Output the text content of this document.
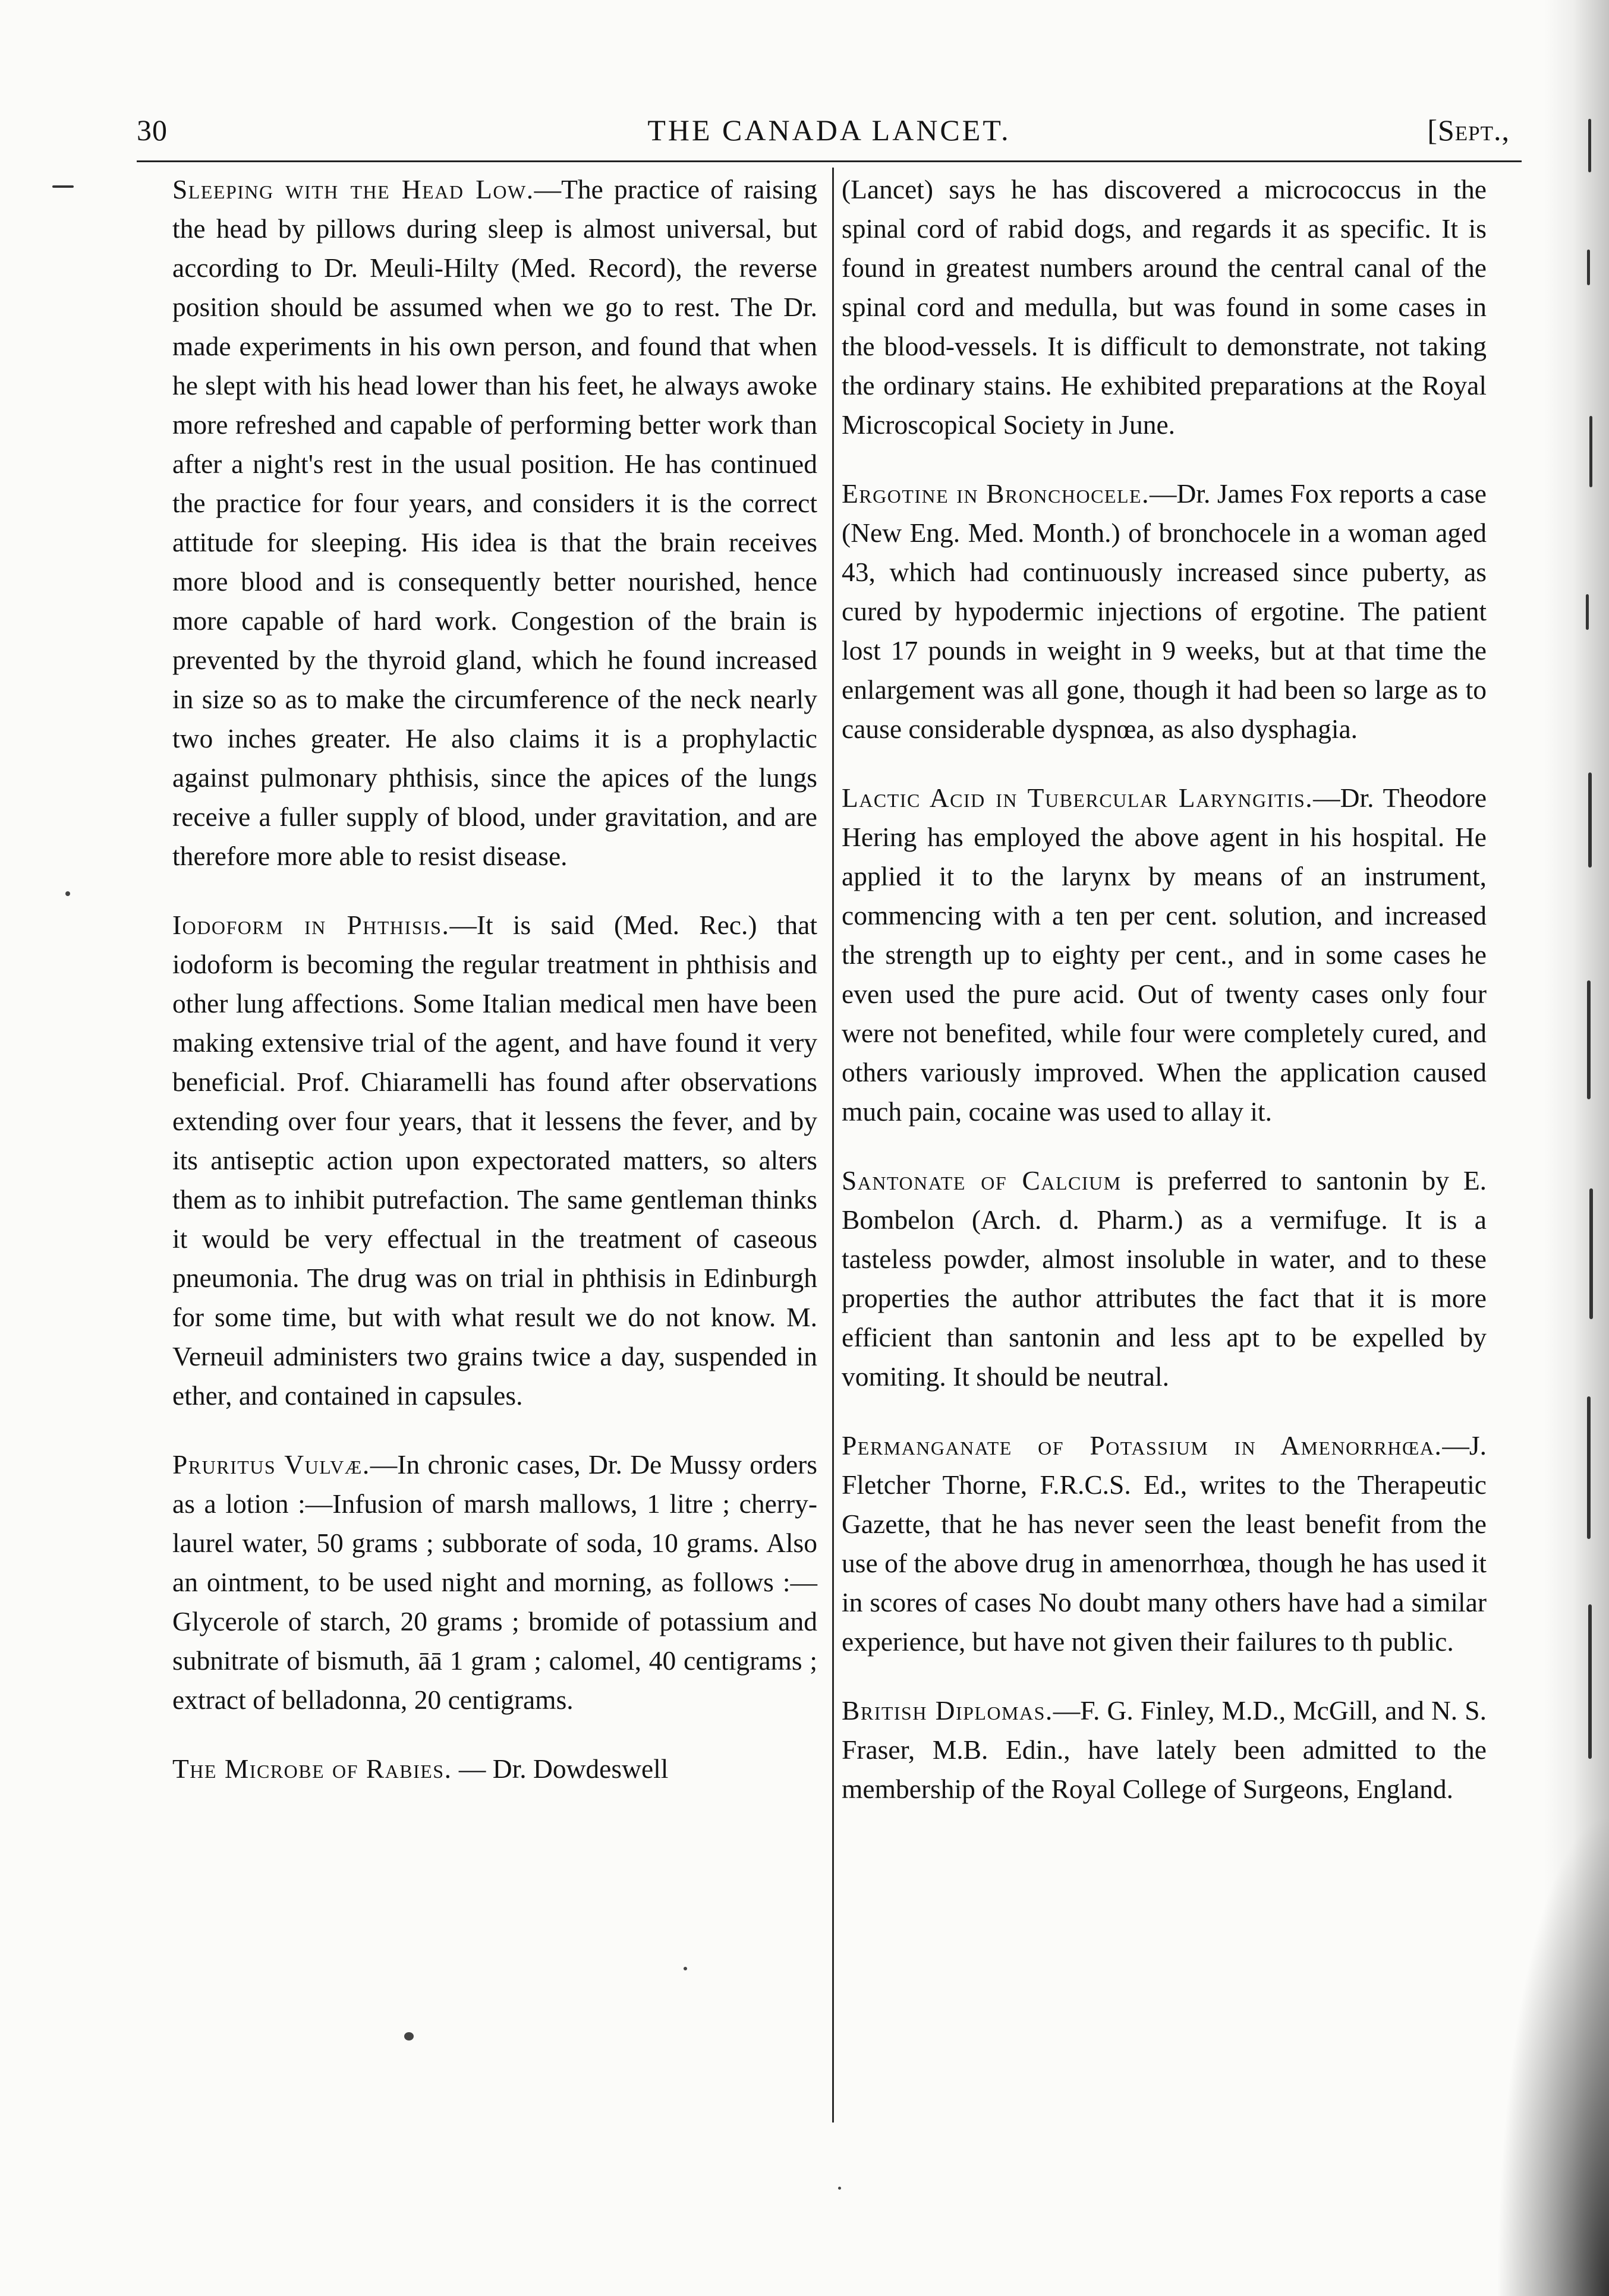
30	THE CANADA LANCET.	[Sept.,

Sleeping with the Head Low.—The practice of raising the head by pillows during sleep is almost universal, but according to Dr. Meuli-Hilty (Med. Record), the reverse position should be assumed when we go to rest. The Dr. made experiments in his own person, and found that when he slept with his head lower than his feet, he always awoke more refreshed and capable of performing better work than after a night's rest in the usual position. He has continued the practice for four years, and considers it is the correct attitude for sleeping. His idea is that the brain receives more blood and is consequently better nourished, hence more capable of hard work. Congestion of the brain is prevented by the thyroid gland, which he found increased in size so as to make the circumference of the neck nearly two inches greater. He also claims it is a prophylactic against pulmonary phthisis, since the apices of the lungs receive a fuller supply of blood, under gravitation, and are therefore more able to resist disease.

Iodoform in Phthisis.—It is said (Med. Rec.) that iodoform is becoming the regular treatment in phthisis and other lung affections. Some Italian medical men have been making extensive trial of the agent, and have found it very beneficial. Prof. Chiaramelli has found after observations extending over four years, that it lessens the fever, and by its antiseptic action upon expectorated matters, so alters them as to inhibit putrefaction. The same gentleman thinks it would be very effectual in the treatment of caseous pneumonia. The drug was on trial in phthisis in Edinburgh for some time, but with what result we do not know. M. Verneuil administers two grains twice a day, suspended in ether, and contained in capsules.

Pruritus Vulvæ.—In chronic cases, Dr. De Mussy orders as a lotion :—Infusion of marsh mallows, 1 litre ; cherry-laurel water, 50 grams ; subborate of soda, 10 grams. Also an ointment, to be used night and morning, as follows :—Glycerole of starch, 20 grams ; bromide of potassium and subnitrate of bismuth, āā 1 gram ; calomel, 40 centigrams ; extract of belladonna, 20 centigrams.

The Microbe of Rabies. — Dr. Dowdeswell

(Lancet) says he has discovered a micrococcus in the spinal cord of rabid dogs, and regards it as specific. It is found in greatest numbers around the central canal of the spinal cord and medulla, but was found in some cases in the blood-vessels. It is difficult to demonstrate, not taking the ordinary stains. He exhibited preparations at the Royal Microscopical Society in June.

Ergotine in Bronchocele.—Dr. James Fox reports a case (New Eng. Med. Month.) of bronchocele in a woman aged 43, which had continuously increased since puberty, as cured by hypodermic injections of ergotine. The patient lost 17 pounds in weight in 9 weeks, but at that time the enlargement was all gone, though it had been so large as to cause considerable dyspnœa, as also dysphagia.

Lactic Acid in Tubercular Laryngitis.—Dr. Theodore Hering has employed the above agent in his hospital. He applied it to the larynx by means of an instrument, commencing with a ten per cent. solution, and increased the strength up to eighty per cent., and in some cases he even used the pure acid. Out of twenty cases only four were not benefited, while four were completely cured, and others variously improved. When the application caused much pain, cocaine was used to allay it.

Santonate of Calcium is preferred to santonin by E. Bombelon (Arch. d. Pharm.) as a vermifuge. It is a tasteless powder, almost insoluble in water, and to these properties the author attributes the fact that it is more efficient than santonin and less apt to be expelled by vomiting. It should be neutral.

Permanganate of Potassium in Amenorrhœa.—J. Fletcher Thorne, F.R.C.S. Ed., writes to the Therapeutic Gazette, that he has never seen the least benefit from the use of the above drug in amenorrhœa, though he has used it in scores of cases No doubt many others have had a similar experience, but have not given their failures to th public.

British Diplomas.—F. G. Finley, M.D., McGill, and N. S. Fraser, M.B. Edin., have lately been admitted to the membership of the Royal College of Surgeons, England.
